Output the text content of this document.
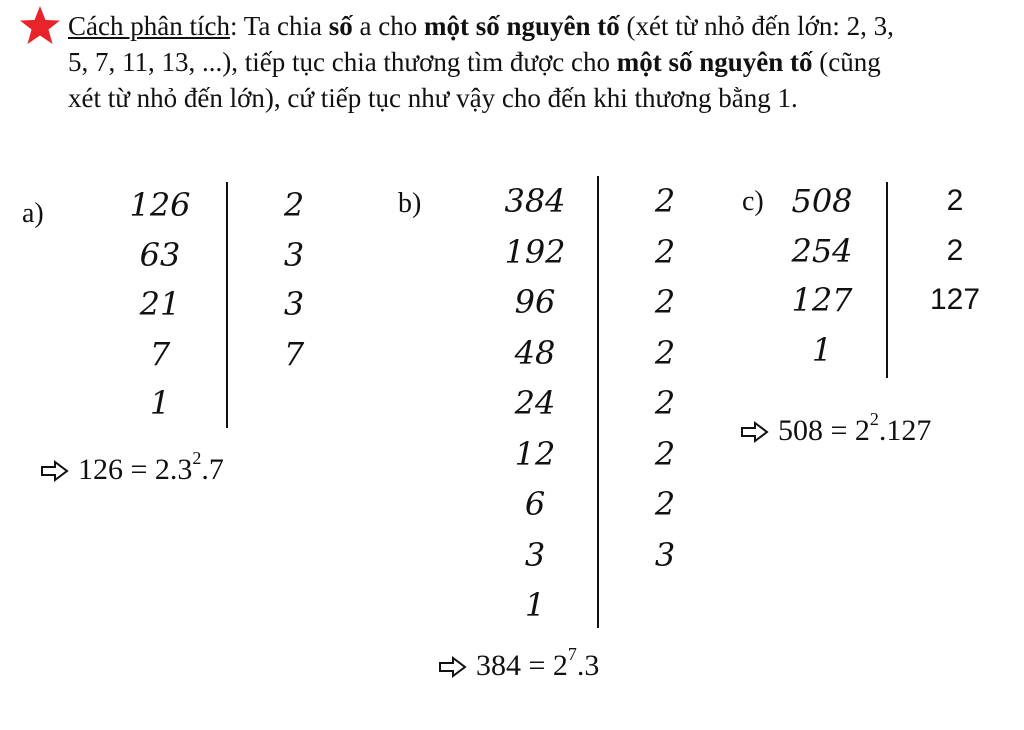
Cách phân tích: Ta chia số a cho một số nguyên tố (xét từ nhỏ đến lớn: 2, 3, 5, 7, 11, 13, ...), tiếp tục chia thương tìm được cho một số nguyên tố (cũng xét từ nhỏ đến lớn), cứ tiếp tục như vậy cho đến khi thương bằng 1.
a)	126
63
21
7
1
2
3
3
7
$126 = 2.3^2.7$
b)	384
192
96
48
24
12
6
3
1
2
2
2
2
2
2
2
3
$384 = 2^7.3$
c) 508
254
127
1
2
2
127
$508 = 2^2.127$
